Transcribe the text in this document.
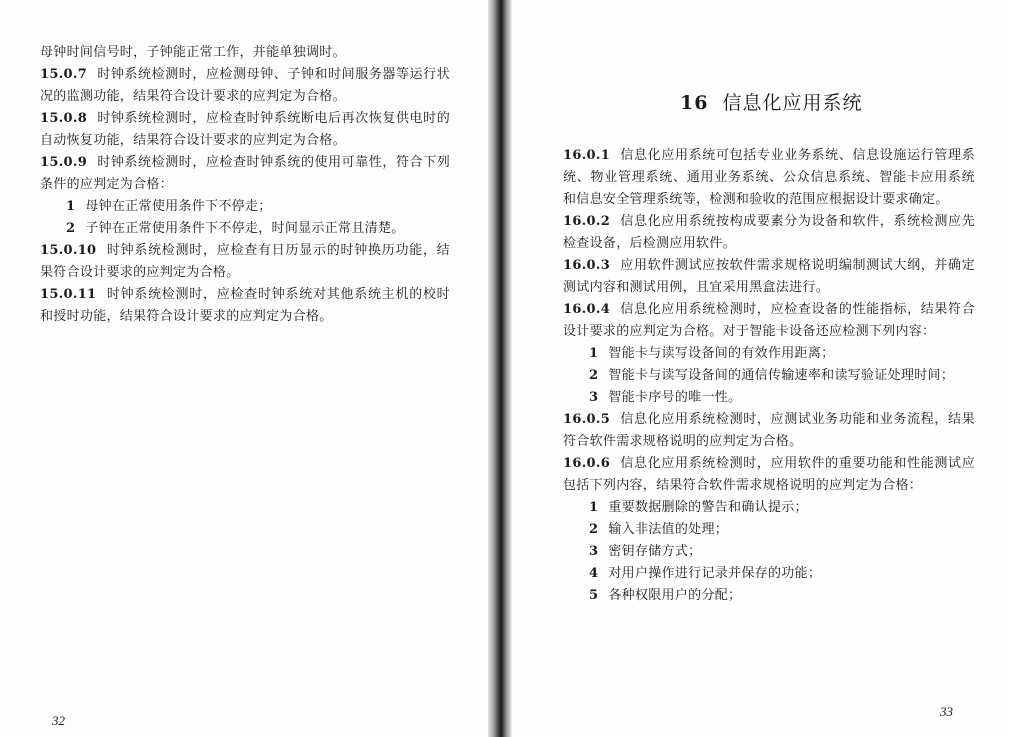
母钟时间信号时，子钟能正常工作，并能单独调时。

15.0.7 时钟系统检测时，应检测母钟、子钟和时间服务器等运行状况的监测功能，结果符合设计要求的应判定为合格。

15.0.8 时钟系统检测时，应检查时钟系统断电后再次恢复供电时的自动恢复功能，结果符合设计要求的应判定为合格。

15.0.9 时钟系统检测时，应检查时钟系统的使用可靠性，符合下列条件的应判定为合格：

1 母钟在正常使用条件下不停走；

2 子钟在正常使用条件下不停走，时间显示正常且清楚。

15.0.10 时钟系统检测时，应检查有日历显示的时钟换历功能，结果符合设计要求的应判定为合格。

15.0.11 时钟系统检测时，应检查时钟系统对其他系统主机的校时和授时功能，结果符合设计要求的应判定为合格。

32
16 信息化应用系统

16.0.1 信息化应用系统可包括专业业务系统、信息设施运行管理系统、物业管理系统、通用业务系统、公众信息系统、智能卡应用系统和信息安全管理系统等，检测和验收的范围应根据设计要求确定。

16.0.2 信息化应用系统按构成要素分为设备和软件，系统检测应先检查设备，后检测应用软件。

16.0.3 应用软件测试应按软件需求规格说明编制测试大纲，并确定测试内容和测试用例，且宜采用黑盒法进行。

16.0.4 信息化应用系统检测时，应检查设备的性能指标，结果符合设计要求的应判定为合格。对于智能卡设备还应检测下列内容：

1 智能卡与读写设备间的有效作用距离；

2 智能卡与读写设备间的通信传输速率和读写验证处理时间；

3 智能卡序号的唯一性。

16.0.5 信息化应用系统检测时，应测试业务功能和业务流程，结果符合软件需求规格说明的应判定为合格。

16.0.6 信息化应用系统检测时，应用软件的重要功能和性能测试应包括下列内容，结果符合软件需求规格说明的应判定为合格：

1 重要数据删除的警告和确认提示；

2 输入非法值的处理；

3 密钥存储方式；

4 对用户操作进行记录并保存的功能；

5 各种权限用户的分配；

33
